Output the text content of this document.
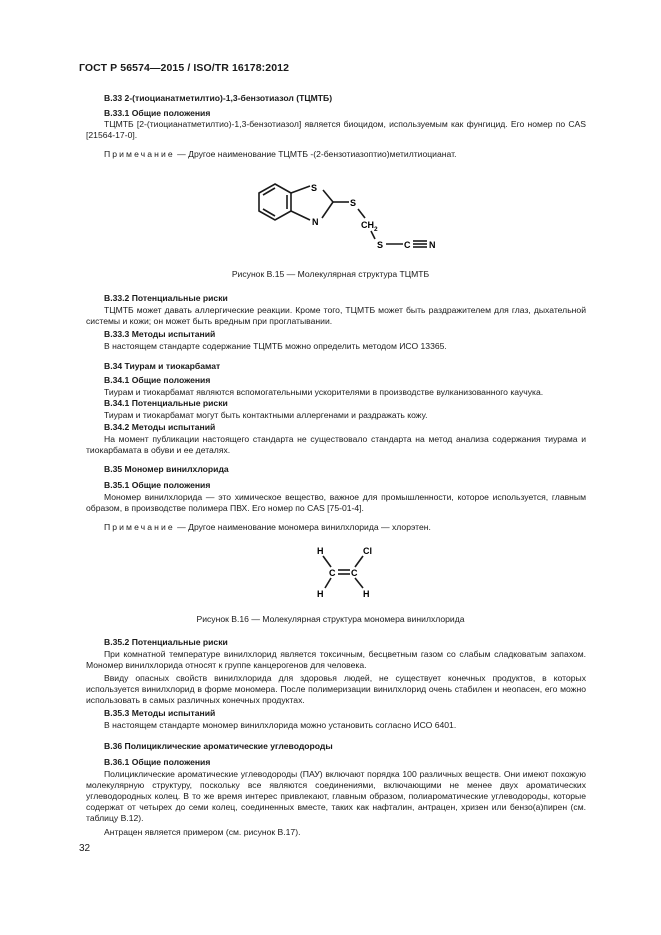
ГОСТ Р 56574—2015 / ISO/TR 16178:2012
В.33 2-(тиоцианатметилтио)-1,3-бензотиазол (ТЦМТБ)
В.33.1 Общие положения
ТЦМТБ [2-(тиоцианатметилтио)-1,3-бензотиазол] является биоцидом, используемым как фунгицид. Его номер по CAS [21564-17-0].
Примечание — Другое наименование ТЦМТБ -(2-бензотиазоптио)метилтиоцианат.
S
N
S
$CH_2$
S C N
Рисунок В.15 — Молекулярная структура ТЦМТБ
В.33.2 Потенциальные риски
ТЦМТБ может давать аллергические реакции. Кроме того, ТЦМТБ может быть раздражителем для глаз, дыхательной системы и кожи; он может быть вредным при проглатывании.
В.33.3 Методы испытаний
В настоящем стандарте содержание ТЦМТБ можно определить методом ИСО 13365.
В.34 Тиурам и тиокарбамат
В.34.1 Общие положения
Тиурам и тиокарбамат являются вспомогательными ускорителями в производстве вулканизованного каучука.
В.34.1 Потенциальные риски
Тиурам и тиокарбамат могут быть контактными аллергенами и раздражать кожу.
В.34.2 Методы испытаний
На момент публикации настоящего стандарта не существовало стандарта на метод анализа содержания тиурама и тиокарбамата в обуви и ее деталях.
В.35 Мономер винилхлорида
В.35.1 Общие положения
Мономер винилхлорида — это химическое вещество, важное для промышленности, которое используется, главным образом, в производстве полимера ПВХ. Его номер по CAS [75-01-4].
Примечание — Другое наименование мономера винилхлорида — хлорэтен.
H	Cl
C C
H	H
Рисунок В.16 — Молекулярная структура мономера винилхлорида
В.35.2 Потенциальные риски
При комнатной температуре винилхлорид является токсичным, бесцветным газом со слабым сладковатым запахом. Мономер винилхлорида относят к группе канцерогенов для человека.
Ввиду опасных свойств винилхлорида для здоровья людей, не существует конечных продуктов, в которых используется винилхлорид в форме мономера. После полимеризации винилхлорид очень стабилен и неопасен, его можно использовать в самых различных конечных продуктах.
В.35.3 Методы испытаний
В настоящем стандарте мономер винилхлорида можно установить согласно ИСО 6401.
В.36 Полициклические ароматические углеводороды
В.36.1 Общие положения
Полициклические ароматические углеводороды (ПАУ) включают порядка 100 различных веществ. Они имеют похожую молекулярную структуру, поскольку все являются соединениями, включающими не менее двух ароматических углеводородных колец. В то же время интерес привлекают, главным образом, полиароматические углеводороды, которые содержат от четырех до семи колец, соединенных вместе, таких как нафталин, антрацен, хризен или бензо(а)пирен (см. таблицу В.12).
Антрацен является примером (см. рисунок В.17).
32
